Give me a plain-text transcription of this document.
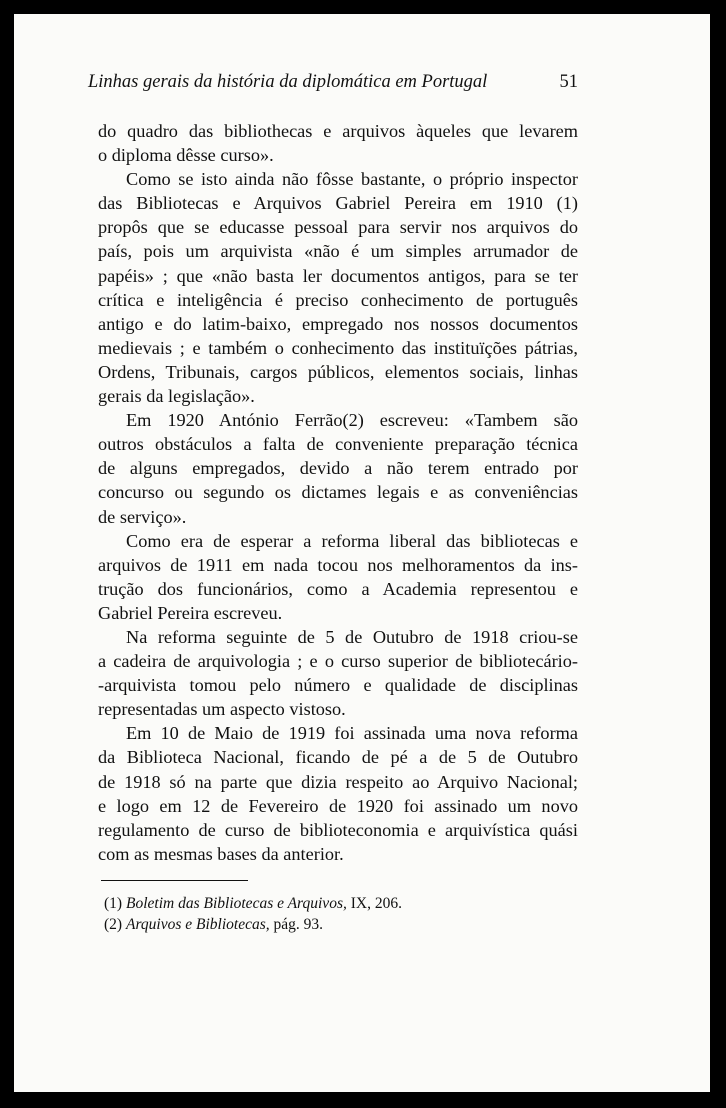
Linhas gerais da história da diplomática em Portugal	51
do quadro das bibliothecas e arquivos àqueles que levarem
o diploma dêsse curso».
Como se isto ainda não fôsse bastante, o próprio inspector
das Bibliotecas e Arquivos Gabriel Pereira em 1910 (1)
propôs que se educasse pessoal para servir nos arquivos do
país, pois um arquivista «não é um simples arrumador de
papéis» ; que «não basta ler documentos antigos, para se ter
crítica e inteligência é preciso conhecimento de português
antigo e do latim-baixo, empregado nos nossos documentos
medievais ; e também o conhecimento das instituïções pátrias,
Ordens, Tribunais, cargos públicos, elementos sociais, linhas
gerais da legislação».
Em 1920 António Ferrão(2) escreveu: «Tambem são
outros obstáculos a falta de conveniente preparação técnica
de alguns empregados, devido a não terem entrado por
concurso ou segundo os dictames legais e as conveniências
de serviço».
Como era de esperar a reforma liberal das bibliotecas e
arquivos de 1911 em nada tocou nos melhoramentos da ins-
trução dos funcionários, como a Academia representou e
Gabriel Pereira escreveu.
Na reforma seguinte de 5 de Outubro de 1918 criou-se
a cadeira de arquivologia ; e o curso superior de bibliotecário-
-arquivista tomou pelo número e qualidade de disciplinas
representadas um aspecto vistoso.
Em 10 de Maio de 1919 foi assinada uma nova reforma
da Biblioteca Nacional, ficando de pé a de 5 de Outubro
de 1918 só na parte que dizia respeito ao Arquivo Nacional;
e logo em 12 de Fevereiro de 1920 foi assinado um novo
regulamento de curso de biblioteconomia e arquivística quási
com as mesmas bases da anterior.
(1) Boletim das Bibliotecas e Arquivos, IX, 206.
(2) Arquivos e Bibliotecas, pág. 93.
